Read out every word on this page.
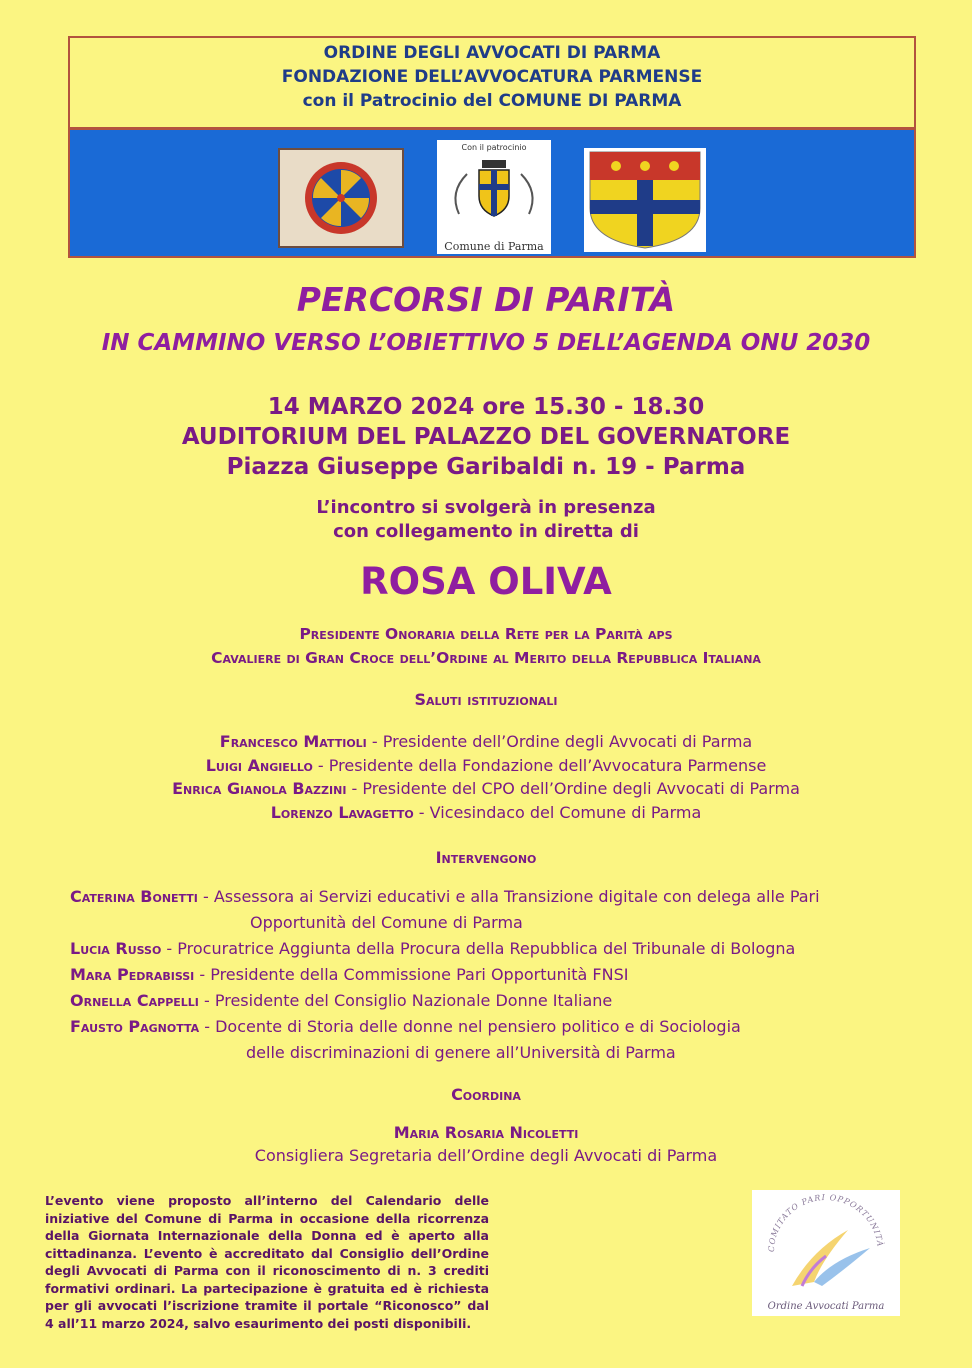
ORDINE DEGLI AVVOCATI DI PARMA
FONDAZIONE DELL’AVVOCATURA PARMENSE
con il Patrocinio del COMUNE DI PARMA
Con il patrocinio
Comune di Parma
PERCORSI DI PARITÀ
IN CAMMINO VERSO L’OBIETTIVO 5 DELL’AGENDA ONU 2030
14 MARZO 2024 ore 15.30 - 18.30
AUDITORIUM DEL PALAZZO DEL GOVERNATORE
Piazza Giuseppe Garibaldi n. 19 - Parma
L’incontro si svolgerà in presenza
con collegamento in diretta di
ROSA OLIVA
Presidente Onoraria della Rete per la Parità aps
Cavaliere di Gran Croce dell’Ordine al Merito della Repubblica Italiana
Saluti istituzionali
Francesco Mattioli - Presidente dell’Ordine degli Avvocati di Parma
Luigi Angiello - Presidente della Fondazione dell’Avvocatura Parmense
Enrica Gianola Bazzini - Presidente del CPO dell’Ordine degli Avvocati di Parma
Lorenzo Lavagetto - Vicesindaco del Comune di Parma
Intervengono
Caterina Bonetti - Assessora ai Servizi educativi e alla Transizione digitale con delega alle Pari
Opportunità del Comune di Parma
Lucia Russo - Procuratrice Aggiunta della Procura della Repubblica del Tribunale di Bologna
Mara Pedrabissi - Presidente della Commissione Pari Opportunità FNSI
Ornella Cappelli - Presidente del Consiglio Nazionale Donne Italiane
Fausto Pagnotta - Docente di Storia delle donne nel pensiero politico e di Sociologia
delle discriminazioni di genere all’Università di Parma
Coordina
Maria Rosaria Nicoletti
Consigliera Segretaria dell’Ordine degli Avvocati di Parma
L’evento viene proposto all’interno del Calendario delle iniziative del Comune di Parma in occasione della ricorrenza della Giornata Internazionale della Donna ed è aperto alla cittadinanza. L’evento è accreditato dal Consiglio dell’Ordine degli Avvocati di Parma con il riconoscimento di n. 3 crediti formativi ordinari. La partecipazione è gratuita ed è richiesta per gli avvocati l’iscrizione tramite il portale “Riconosco” dal 4 all’11 marzo 2024, salvo esaurimento dei posti disponibili.
COMITATO PARI OPPORTUNITÀ
Ordine Avvocati Parma
